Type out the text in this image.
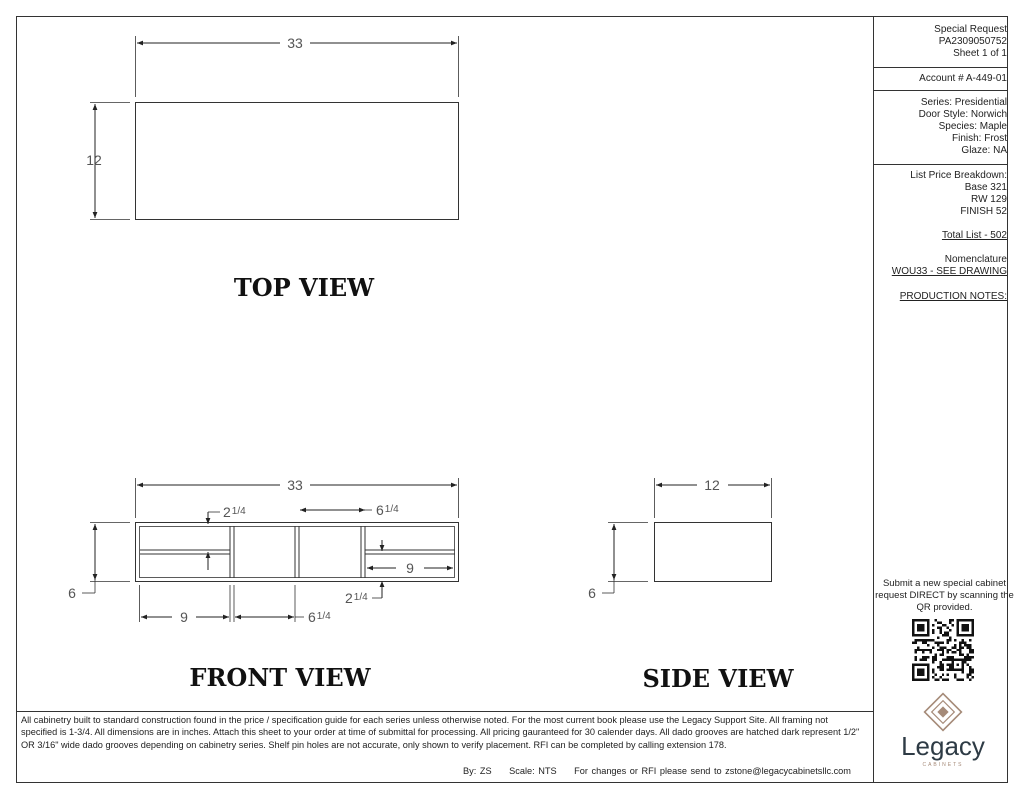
33
12
TOP VIEW
33
6
$2^{1/4}$	$6^{1/4}$
9
$2^{1/4}$
9	$6^{1/4}$
FRONT VIEW
12
6
SIDE VIEW
Special Request
PA2309050752
Sheet 1 of 1
Account # A-449-01
Series: Presidential
Door Style: Norwich
Species: Maple
Finish: Frost
Glaze: NA
List Price Breakdown:
Base 321
RW 129
FINISH 52
Total List - 502
Nomenclature
WOU33 - SEE DRAWING
PRODUCTION NOTES:
Submit a new special cabinet request DIRECT by scanning the QR provided.
Legacy
CABINETS
All cabinetry built to standard construction found in the price / specification guide for each series unless otherwise noted. For the most current book please use the Legacy Support Site. All framing not specified is 1-3/4. All dimensions are in inches. Attach this sheet to your order at time of submittal for processing. All pricing gauranteed for 30 calender days. All dado grooves are hatched dark represent 1/2" OR 3/16" wide dado grooves depending on cabinetry series. Shelf pin holes are not accurate, only shown to verify placement. RFI can be completed by calling extension 178.
By: ZS Scale: NTS For changes or RFI please send to zstone@legacycabinetsllc.com
